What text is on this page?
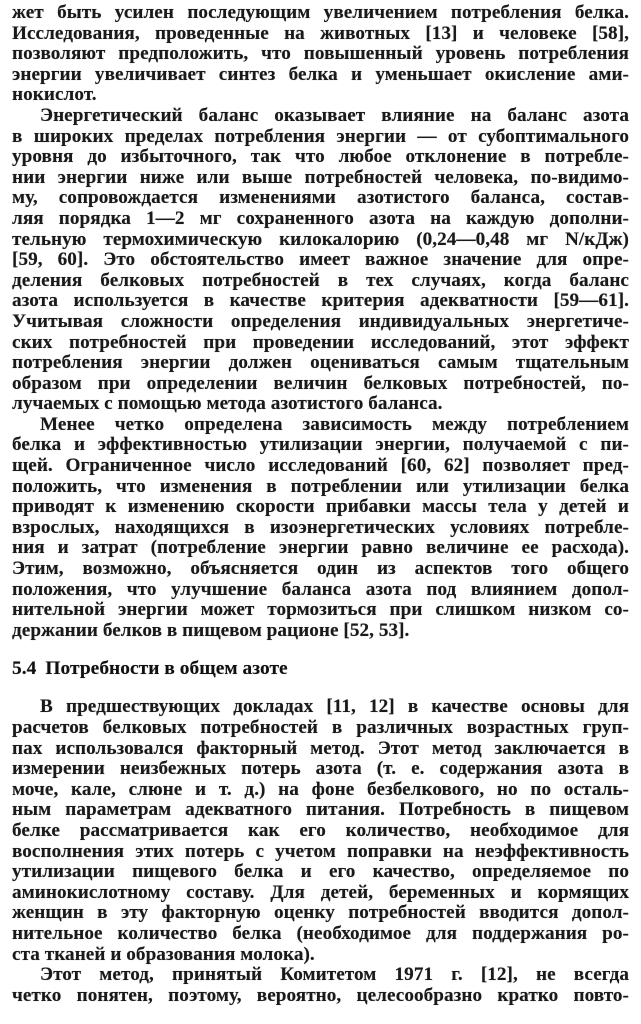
жет быть усилен последующим увеличением потребления белка.
Исследования, проведенные на животных [13] и человеке [58],
позволяют предположить, что повышенный уровень потребления
энергии увеличивает синтез белка и уменьшает окисление ами-
нокислот.
Энергетический баланс оказывает влияние на баланс азота
в широких пределах потребления энергии — от субоптимального
уровня до избыточного, так что любое отклонение в потребле-
нии энергии ниже или выше потребностей человека, по-видимо-
му, сопровождается изменениями азотистого баланса, состав-
ляя порядка 1—2 мг сохраненного азота на каждую дополни-
тельную термохимическую килокалорию (0,24—0,48 мг N/кДж)
[59, 60]. Это обстоятельство имеет важное значение для опре-
деления белковых потребностей в тех случаях, когда баланс
азота используется в качестве критерия адекватности [59—61].
Учитывая сложности определения индивидуальных энергетиче-
ских потребностей при проведении исследований, этот эффект
потребления энергии должен оцениваться самым тщательным
образом при определении величин белковых потребностей, по-
лучаемых с помощью метода азотистого баланса.
Менее четко определена зависимость между потреблением
белка и эффективностью утилизации энергии, получаемой с пи-
щей. Ограниченное число исследований [60, 62] позволяет пред-
положить, что изменения в потреблении или утилизации белка
приводят к изменению скорости прибавки массы тела у детей и
взрослых, находящихся в изоэнергетических условиях потребле-
ния и затрат (потребление энергии равно величине ее расхода).
Этим, возможно, объясняется один из аспектов того общего
положения, что улучшение баланса азота под влиянием допол-
нительной энергии может тормозиться при слишком низком со-
держании белков в пищевом рационе [52, 53].
5.4 Потребности в общем азоте
В предшествующих докладах [11, 12] в качестве основы для
расчетов белковых потребностей в различных возрастных груп-
пах использовался факторный метод. Этот метод заключается в
измерении неизбежных потерь азота (т. е. содержания азота в
моче, кале, слюне и т. д.) на фоне безбелкового, но по осталь-
ным параметрам адекватного питания. Потребность в пищевом
белке рассматривается как его количество, необходимое для
восполнения этих потерь с учетом поправки на неэффективность
утилизации пищевого белка и его качество, определяемое по
аминокислотному составу. Для детей, беременных и кормящих
женщин в эту факторную оценку потребностей вводится допол-
нительное количество белка (необходимое для поддержания ро-
ста тканей и образования молока).
Этот метод, принятый Комитетом 1971 г. [12], не всегда
четко понятен, поэтому, вероятно, целесообразно кратко повто-
